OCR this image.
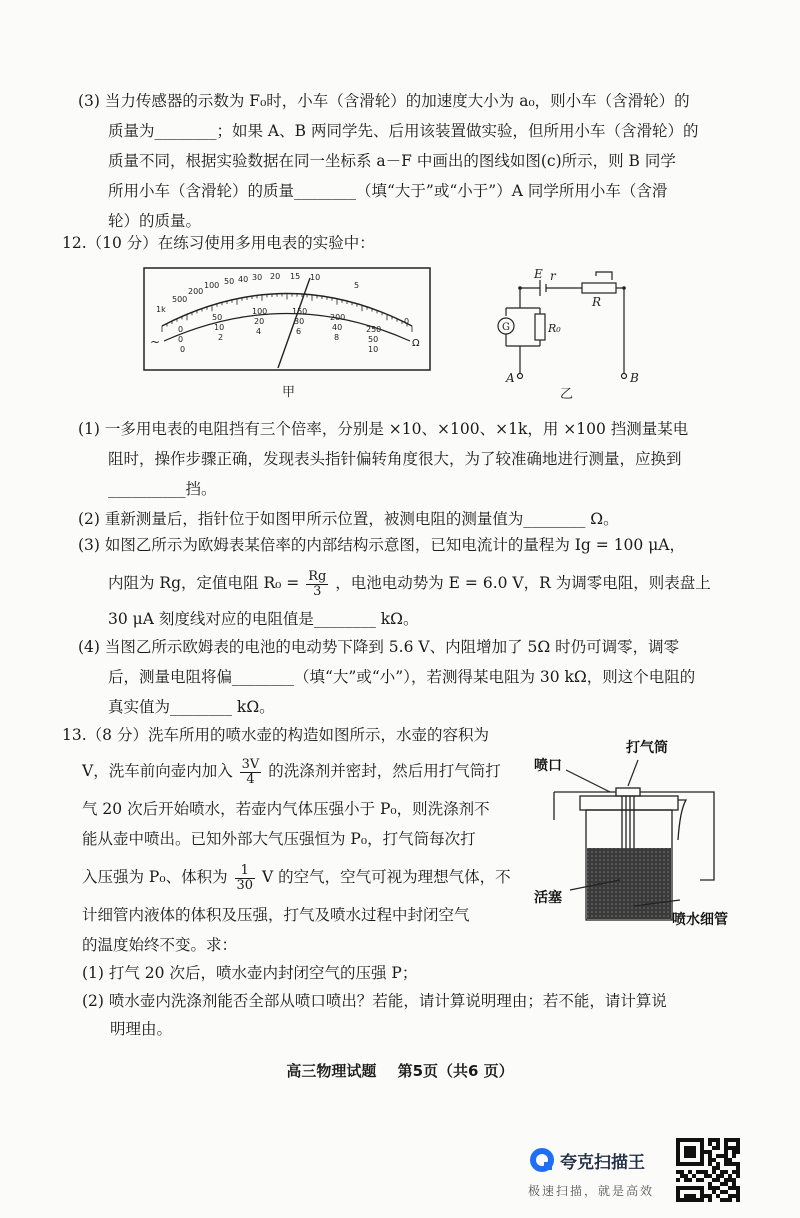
(3) 当力传感器的示数为 F₀时，小车（含滑轮）的加速度大小为 a₀，则小车（含滑轮）的
质量为________；如果 A、B 两同学先、后用该装置做实验，但所用小车（含滑轮）的
质量不同，根据实验数据在同一坐标系 a－F 中画出的图线如图(c)所示，则 B 同学
所用小车（含滑轮）的质量________（填“大于”或“小于”）A 同学所用小车（含滑
轮）的质量。
12.（10 分）在练习使用多用电表的实验中：
1k
500
200
100 50 40 30 20 15 10
5
0
0
50
100	150
200
250
0
10
20	30
40
50
0
2
4	6
8
10
~	Ω
甲
E r
R
G	R₀
A	B
乙
(1) 一多用电表的电阻挡有三个倍率，分别是 ×10、×100、×1k，用 ×100 挡测量某电
阻时，操作步骤正确，发现表头指针偏转角度很大，为了较准确地进行测量，应换到
__________挡。
(2) 重新测量后，指针位于如图甲所示位置，被测电阻的测量值为________ Ω。
(3) 如图乙所示为欧姆表某倍率的内部结构示意图，已知电流计的量程为 Ig = 100 μA，
内阻为 Rg，定值电阻 $R_0 = \frac{Rg}{3}$ ，电池电动势为 E = 6.0 V，R 为调零电阻，则表盘上
30 μA 刻度线对应的电阻值是________ kΩ。
(4) 当图乙所示欧姆表的电池的电动势下降到 5.6 V、内阻增加了 5Ω 时仍可调零，调零
后，测量电阻将偏________（填“大”或“小”），若测得某电阻为 30 kΩ，则这个电阻的
真实值为________ kΩ。
13.（8 分）洗车所用的喷水壶的构造如图所示，水壶的容积为
V，洗车前向壶内加入 $\frac{3V}{4}$ 的洗涤剂并密封，然后用打气筒打
气 20 次后开始喷水，若壶内气体压强小于 P₀，则洗涤剂不
能从壶中喷出。已知外部大气压强恒为 P₀，打气筒每次打
入压强为 P₀、体积为 $\frac{1}{30}$ V 的空气，空气可视为理想气体，不
计细管内液体的体积及压强，打气及喷水过程中封闭空气
的温度始终不变。求：
(1) 打气 20 次后，喷水壶内封闭空气的压强 P；
(2) 喷水壶内洗涤剂能否全部从喷口喷出？若能，请计算说明理由；若不能，请计算说
明理由。
打气筒
喷口
活塞
喷水细管
高三物理试题 第5页（共6 页）
夸克扫描王
极速扫描，就是高效
